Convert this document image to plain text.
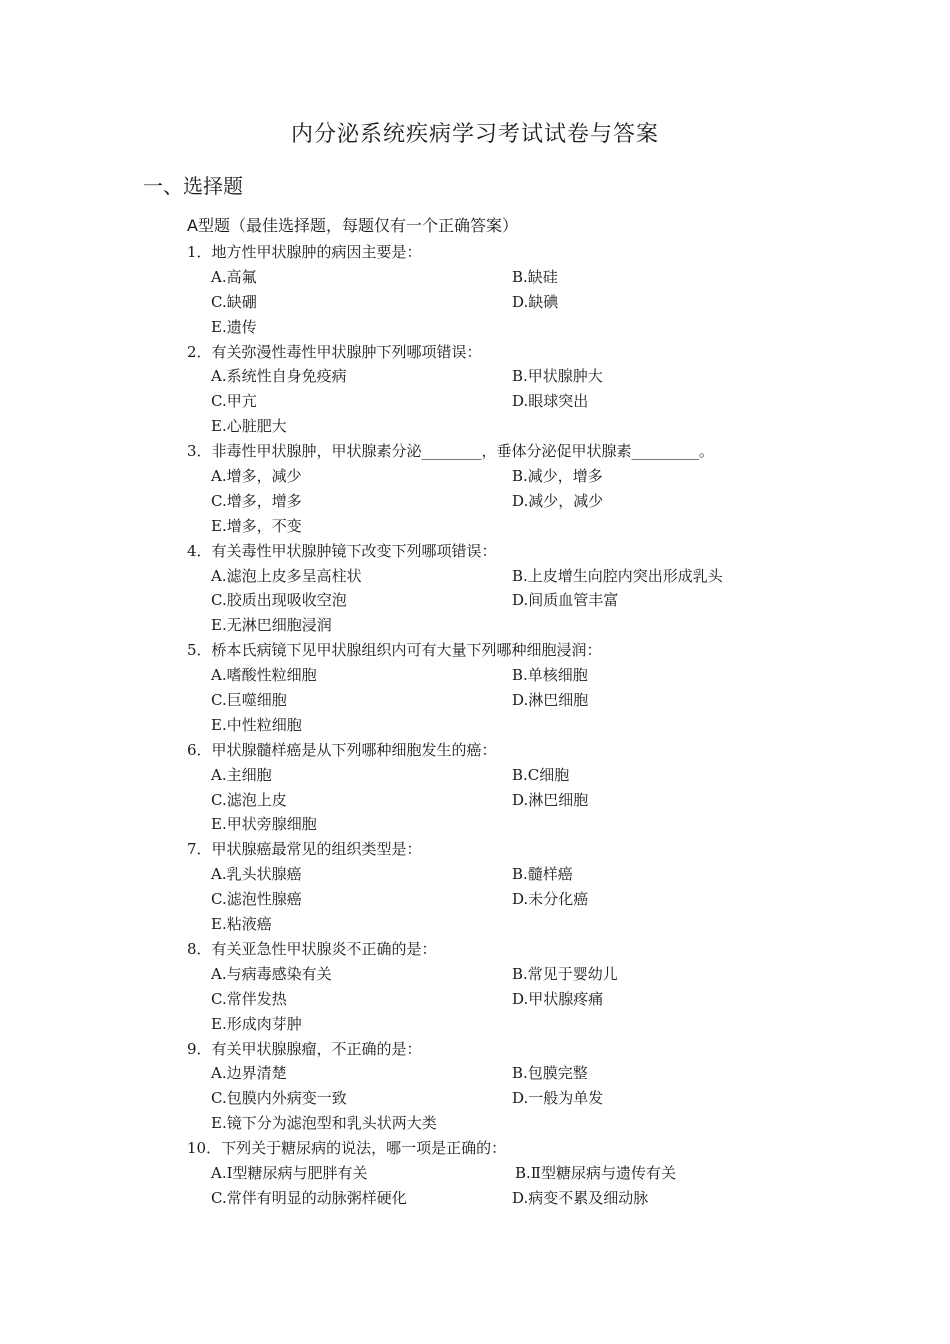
内分泌系统疾病学习考试试卷与答案
一、选择题
A型题（最佳选择题，每题仅有一个正确答案）
1．地方性甲状腺肿的病因主要是：
A.高氟	B.缺硅
C.缺硼	D.缺碘
E.遗传
2．有关弥漫性毒性甲状腺肿下列哪项错误：
A.系统性自身免疫病	B.甲状腺肿大
C.甲亢	D.眼球突出
E.心脏肥大
3．非毒性甲状腺肿，甲状腺素分泌________，垂体分泌促甲状腺素_________。
A.增多，减少	B.减少，增多
C.增多，增多	D.减少，减少
E.增多，不变
4．有关毒性甲状腺肿镜下改变下列哪项错误：
A.滤泡上皮多呈高柱状	B.上皮增生向腔内突出形成乳头
C.胶质出现吸收空泡	D.间质血管丰富
E.无淋巴细胞浸润
5．桥本氏病镜下见甲状腺组织内可有大量下列哪种细胞浸润：
A.嗜酸性粒细胞	B.单核细胞
C.巨噬细胞	D.淋巴细胞
E.中性粒细胞
6．甲状腺髓样癌是从下列哪种细胞发生的癌：
A.主细胞	B.C细胞
C.滤泡上皮	D.淋巴细胞
E.甲状旁腺细胞
7．甲状腺癌最常见的组织类型是：
A.乳头状腺癌	B.髓样癌
C.滤泡性腺癌	D.未分化癌
E.粘液癌
8．有关亚急性甲状腺炎不正确的是：
A.与病毒感染有关	B.常见于婴幼儿
C.常伴发热	D.甲状腺疼痛
E.形成肉芽肿
9．有关甲状腺腺瘤，不正确的是：
A.边界清楚	B.包膜完整
C.包膜内外病变一致	D.一般为单发
E.镜下分为滤泡型和乳头状两大类
10．下列关于糖尿病的说法，哪一项是正确的：
A.Ⅰ型糖尿病与肥胖有关	B.Ⅱ型糖尿病与遗传有关
C.常伴有明显的动脉粥样硬化	D.病变不累及细动脉
